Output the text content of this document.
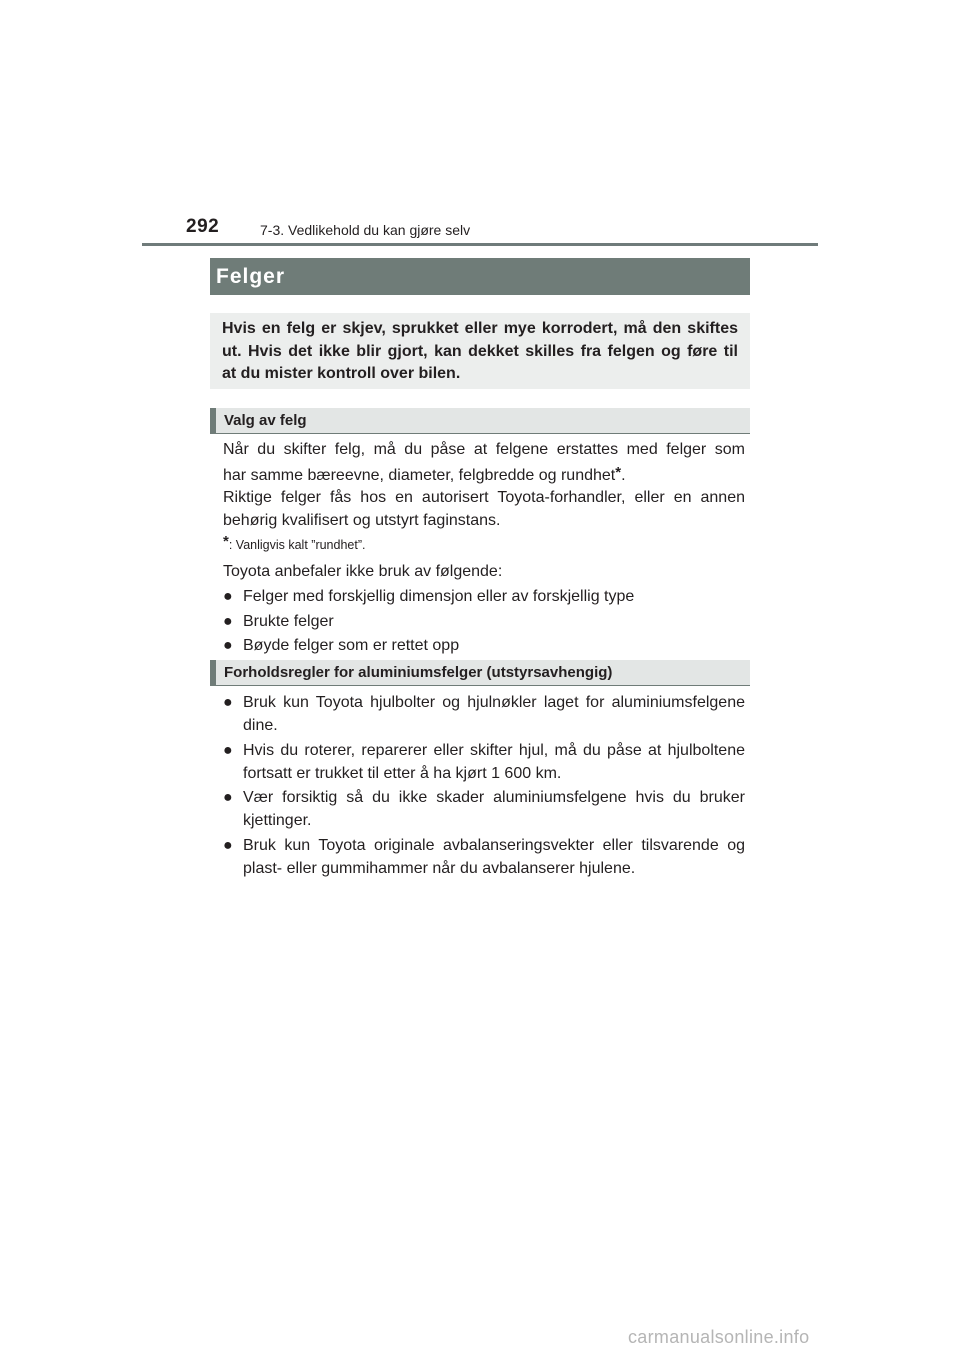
292	7-3. Vedlikehold du kan gjøre selv
Felger
Hvis en felg er skjev, sprukket eller mye korrodert, må den skiftes
ut. Hvis det ikke blir gjort, kan dekket skilles fra felgen og føre til
at du mister kontroll over bilen.
Valg av felg
Når du skifter felg, må du påse at felgene erstattes med felger som
har samme bæreevne, diameter, felgbredde og rundhet*.
Riktige felger fås hos en autorisert Toyota-forhandler, eller en annen behørig kvalifisert og utstyrt faginstans.
*: Vanligvis kalt ”rundhet”.
Toyota anbefaler ikke bruk av følgende:
● Felger med forskjellig dimensjon eller av forskjellig type
● Brukte felger
● Bøyde felger som er rettet opp
Forholdsregler for aluminiumsfelger (utstyrsavhengig)
● Bruk kun Toyota hjulbolter og hjulnøkler laget for aluminiumsfelgene dine.
● Hvis du roterer, reparerer eller skifter hjul, må du påse at hjulboltene fortsatt er trukket til etter å ha kjørt 1 600 km.
● Vær forsiktig så du ikke skader aluminiumsfelgene hvis du bruker kjettinger.
● Bruk kun Toyota originale avbalanseringsvekter eller tilsvarende og plast- eller gummihammer når du avbalanserer hjulene.
carmanualsonline.info
